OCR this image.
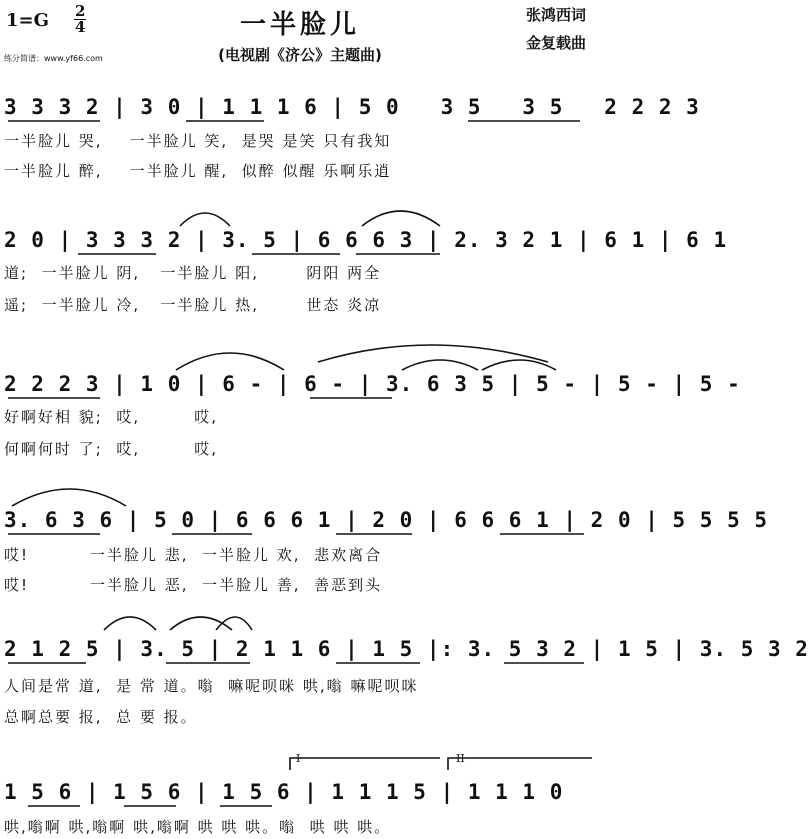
1=G 2
4	一半脸儿
(电视剧《济公》主题曲)
张鸿西词
金复载曲
练分简谱：www.yf66.com
3 3 3 2 | 3 0 | 1 1 1 6 | 5 0   3 5   3 5   2 2 2 3
一半脸儿 哭,    一半脸儿 笑,  是哭 是笑 只有我知
一半脸儿 醉,    一半脸儿 醒,  似醉 似醒 乐啊乐逍
2 0 | 3 3 3 2 | 3. 5 | 6 6 6 3 | 2. 3 2 1 | 6 1 | 6 1
道;  一半脸儿 阴,   一半脸儿 阳,       阴阳 两全
遥;  一半脸儿 冷,   一半脸儿 热,       世态 炎凉
2 2 2 3 | 1 0 | 6 - | 6 - | 3. 6 3 5 | 5 - | 5 - | 5 -
好啊好相 貌;  哎,        哎,
何啊何时 了;  哎,        哎,
3. 6 3 6 | 5 0 | 6 6 6 1 | 2 0 | 6 6 6 1 | 2 0 | 5 5 5 5
哎!         一半脸儿 悲,  一半脸儿 欢,  悲欢离合
哎!         一半脸儿 恶,  一半脸儿 善,  善恶到头
2 1 2 5 | 3. 5 | 2 1 1 6 | 1 5 |: 3. 5 3 2 | 1 5 | 3. 5 3 2
人间是常 道,  是 常 道。嗡  嘛呢呗咪 哄,嗡 嘛呢呗咪
总啊总要 报,  总 要 报。
I	II
1 5 6 | 1 5 6 | 1 5 6 | 1 1 1 5 | 1 1 1 0
哄,嗡啊 哄,嗡啊 哄,嗡啊 哄 哄 哄。嗡  哄 哄 哄。
